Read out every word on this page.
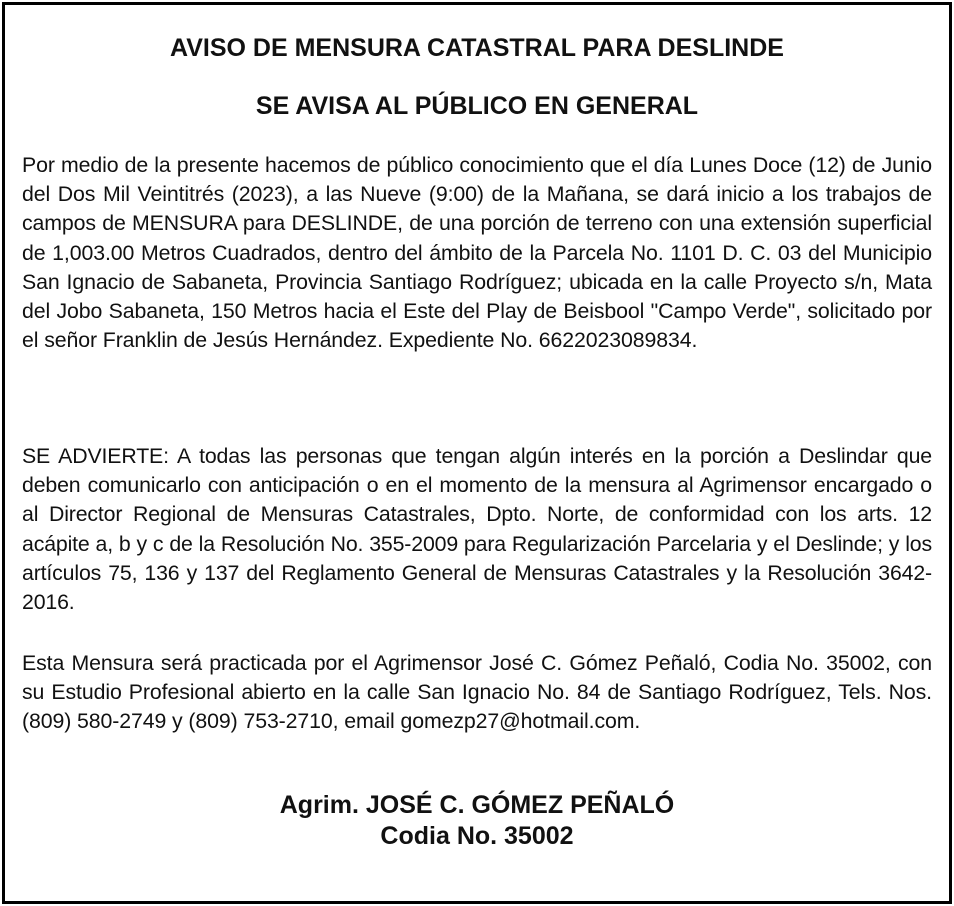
AVISO DE MENSURA CATASTRAL PARA DESLINDE
SE AVISA AL PÚBLICO EN GENERAL

Por medio de la presente hacemos de público conocimiento que el día Lunes Doce (12) de Junio del Dos Mil Veintitrés (2023), a las Nueve (9:00) de la Mañana, se dará inicio a los trabajos de campos de MENSURA para DESLINDE, de una porción de terreno con una extensión superficial de 1,003.00 Metros Cuadrados, dentro del ámbito de la Parcela No. 1101 D. C. 03 del Municipio San Ignacio de Sabaneta, Provincia Santiago Rodríguez; ubicada en la calle Proyecto s/n, Mata del Jobo Sabaneta, 150 Metros hacia el Este del Play de Beisbool "Campo Verde", solicitado por el señor Franklin de Jesús Hernández. Expediente No. 6622023089834.

SE ADVIERTE: A todas las personas que tengan algún interés en la porción a Deslindar que deben comunicarlo con anticipación o en el momento de la mensura al Agrimensor encargado o al Director Regional de Mensuras Catastrales, Dpto. Norte, de conformidad con los arts. 12 acápite a, b y c de la Resolución No. 355-2009 para Regularización Parcelaria y el Deslinde; y los artículos 75, 136 y 137 del Reglamento General de Mensuras Catastrales y la Resolución 3642-2016.

Esta Mensura será practicada por el Agrimensor José C. Gómez Peñaló, Codia No. 35002, con su Estudio Profesional abierto en la calle San Ignacio No. 84 de Santiago Rodríguez, Tels. Nos. (809) 580-2749 y (809) 753-2710, email gomezp27@hotmail.com.

Agrim. JOSÉ C. GÓMEZ PEÑALÓ
Codia No. 35002
